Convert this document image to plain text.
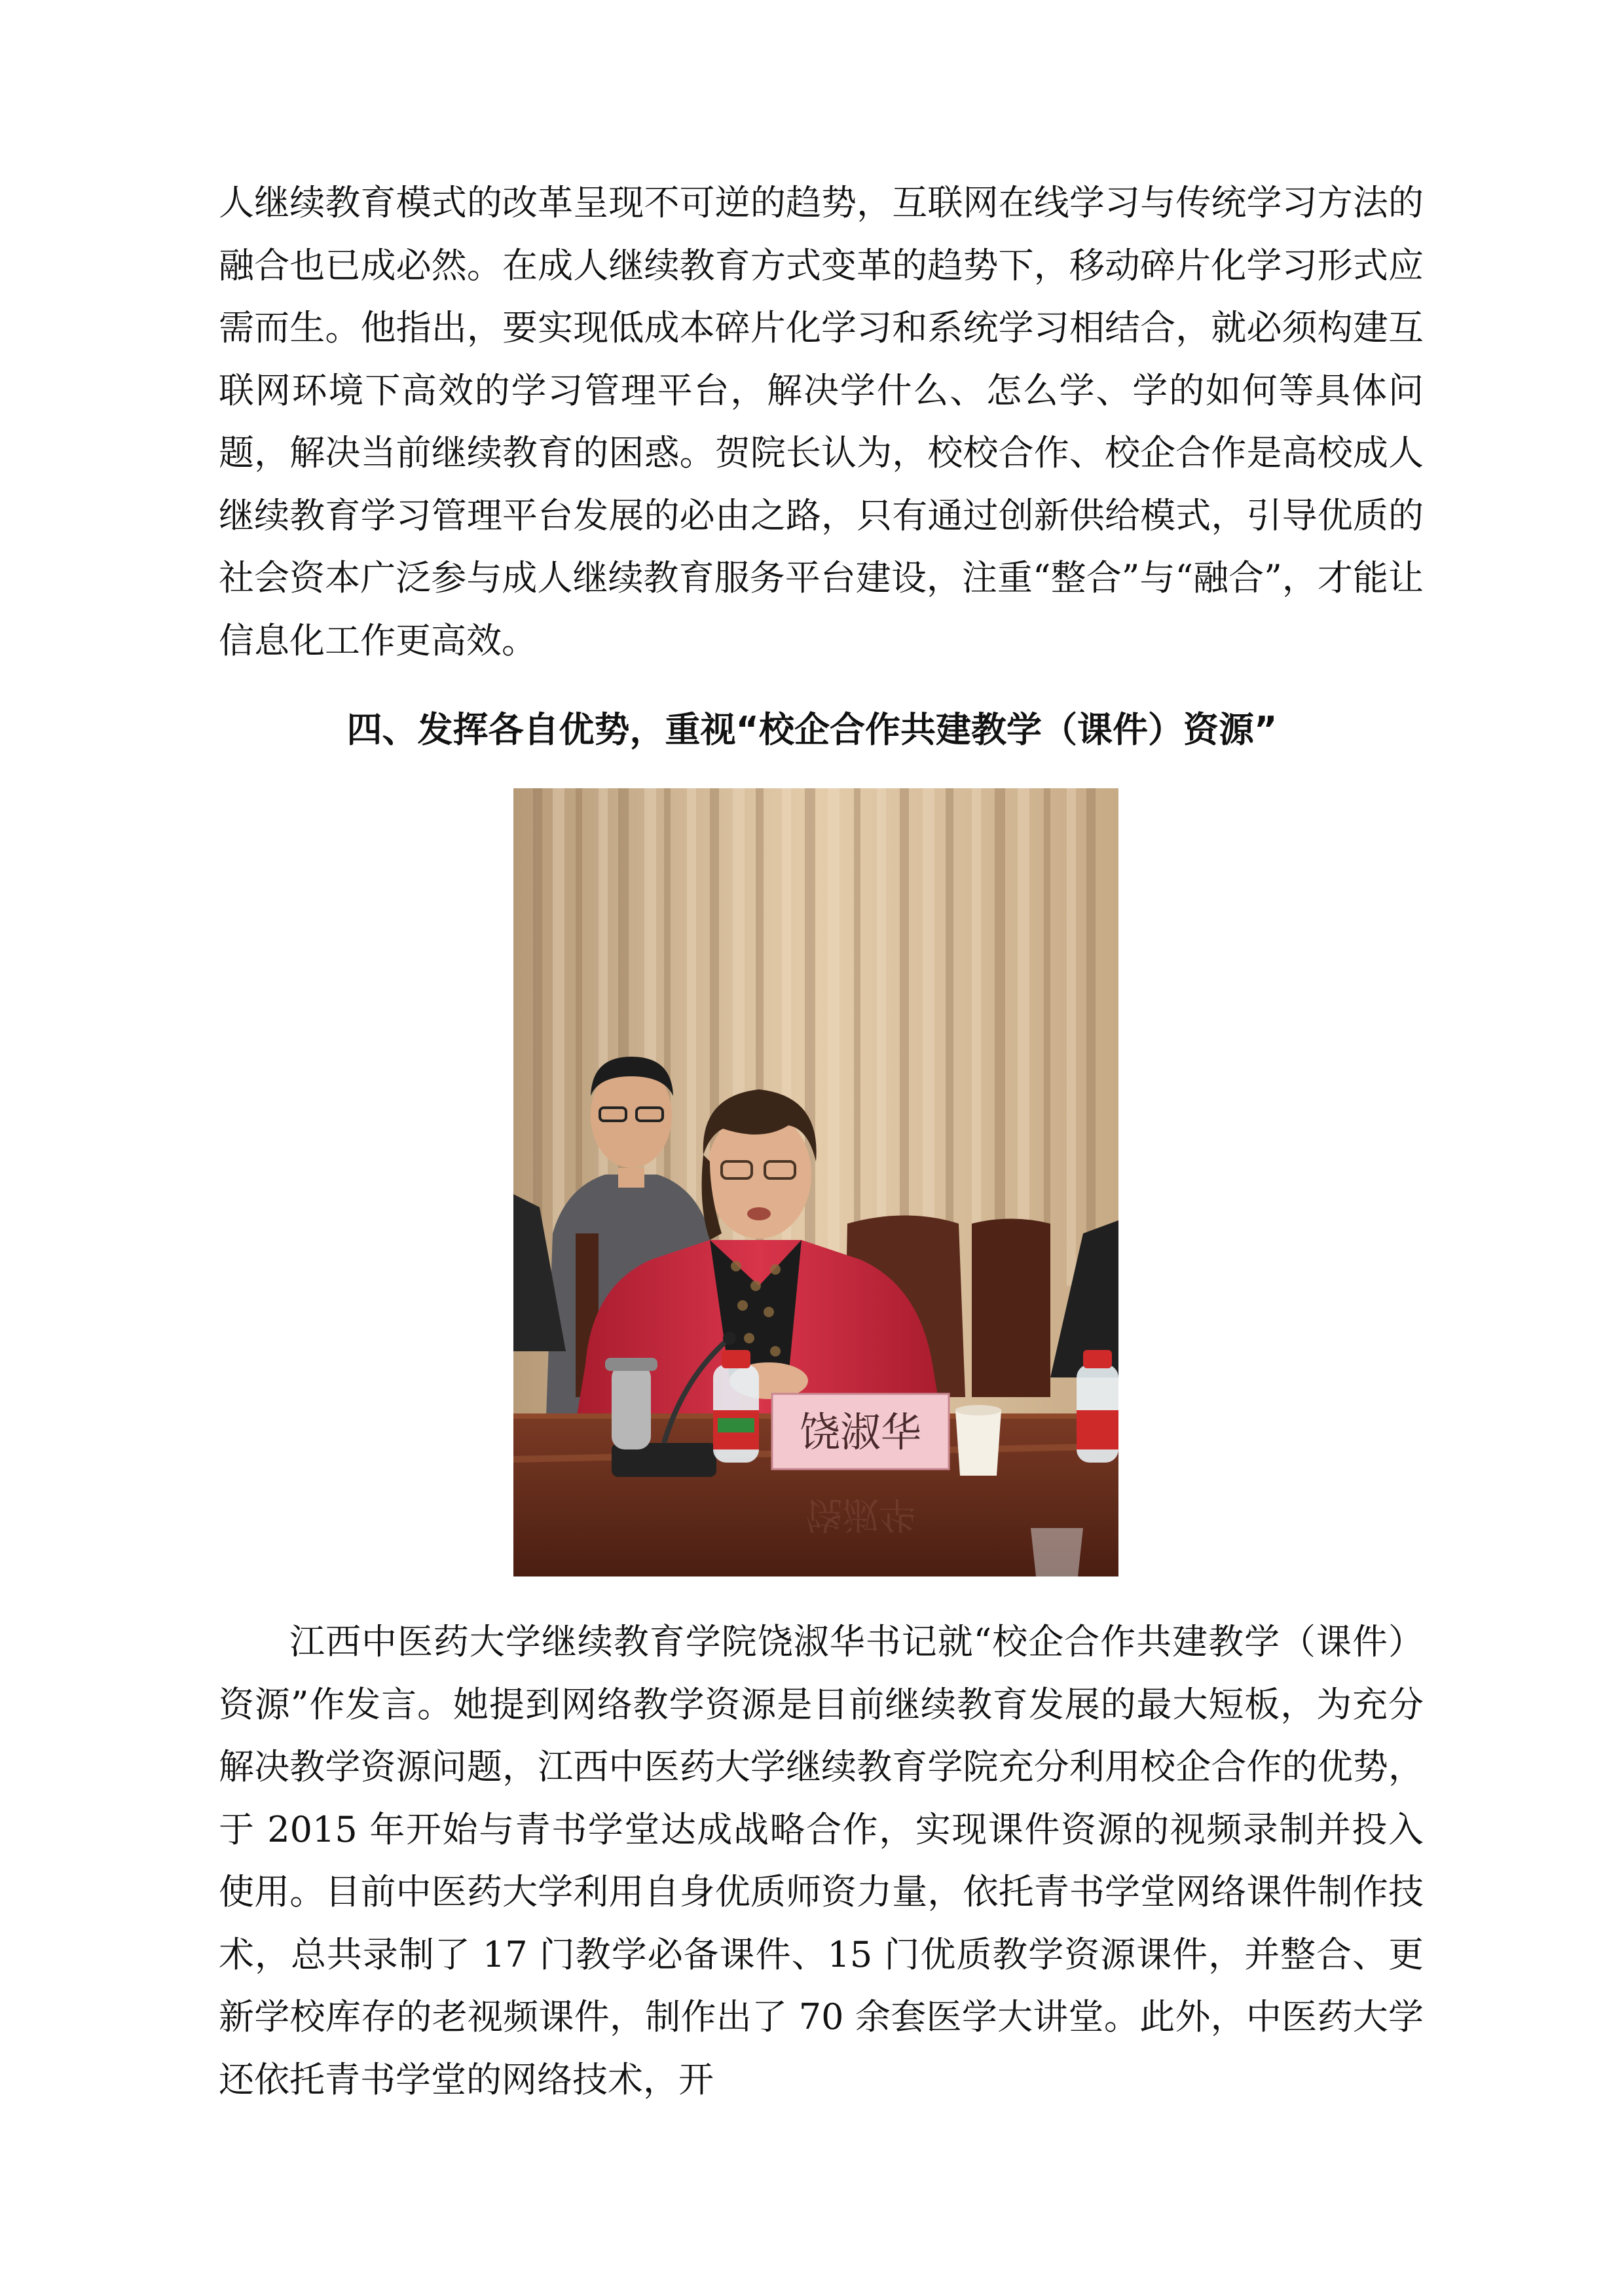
人继续教育模式的改革呈现不可逆的趋势，互联网在线学习与传统学习方法的融合也已成必然。在成人继续教育方式变革的趋势下，移动碎片化学习形式应需而生。他指出，要实现低成本碎片化学习和系统学习相结合，就必须构建互联网环境下高效的学习管理平台，解决学什么、怎么学、学的如何等具体问题，解决当前继续教育的困惑。贺院长认为，校校合作、校企合作是高校成人继续教育学习管理平台发展的必由之路，只有通过创新供给模式，引导优质的社会资本广泛参与成人继续教育服务平台建设，注重“整合”与“融合”，才能让信息化工作更高效。

四、发挥各自优势，重视“校企合作共建教学（课件）资源”
饶淑华
饶淑华

江西中医药大学继续教育学院饶淑华书记就“校企合作共建教学（课件）资源”作发言。她提到网络教学资源是目前继续教育发展的最大短板，为充分解决教学资源问题，江西中医药大学继续教育学院充分利用校企合作的优势，于 2015 年开始与青书学堂达成战略合作，实现课件资源的视频录制并投入使用。目前中医药大学利用自身优质师资力量，依托青书学堂网络课件制作技术，总共录制了 17 门教学必备课件、15 门优质教学资源课件，并整合、更新学校库存的老视频课件，制作出了 70 余套医学大讲堂。此外，中医药大学还依托青书学堂的网络技术，开
